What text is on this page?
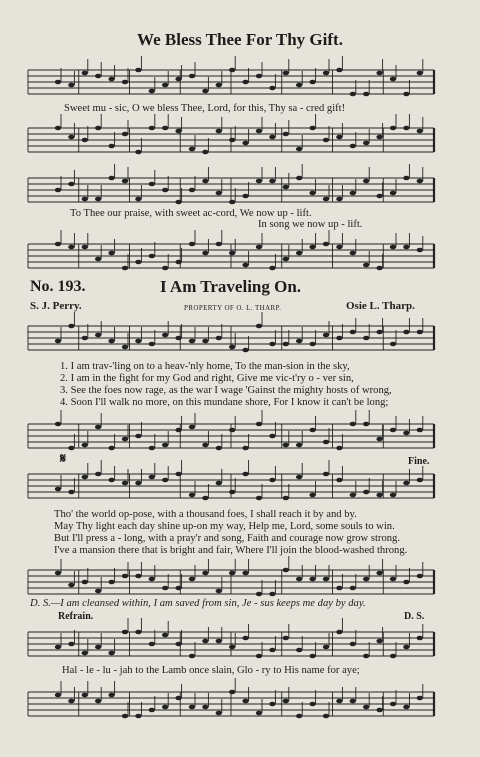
We Bless Thee For Thy Gift.
Sweet mu - sic, O we bless Thee, Lord, for this, Thy sa - cred gift!
To Thee our praise, with sweet ac-cord, We now up - lift.
In song we now up - lift.
No. 193.	I Am Traveling On.
S. J. Perry.	PROPERTY OF O. L. THARP.	Osie L. Tharp.
1. I am trav-'ling on to a heav-'nly home, To the man-sion in the sky,
2. I am in the fight for my God and right, Give me vic-t'ry o - ver sin,
3. See the foes now rage, as the war I wage 'Gainst the mighty hosts of wrong,
4. Soon I'll walk no more, on this mundane shore, For I know it can't be long;
𝄋	Fine.
Tho' the world op-pose, with a thousand foes, I shall reach it by and by.
May Thy light each day shine up-on my way, Help me, Lord, some souls to win.
But I'll press a - long, with a pray'r and song, Faith and courage now grow strong.
I've a mansion there that is bright and fair, Where I'll join the blood-washed throng.
D. S.—I am cleansed within, I am saved from sin, Je - sus keeps me day by day.
Refrain.	D. S.
Hal - le - lu - jah to the Lamb once slain, Glo - ry to His name for aye;
